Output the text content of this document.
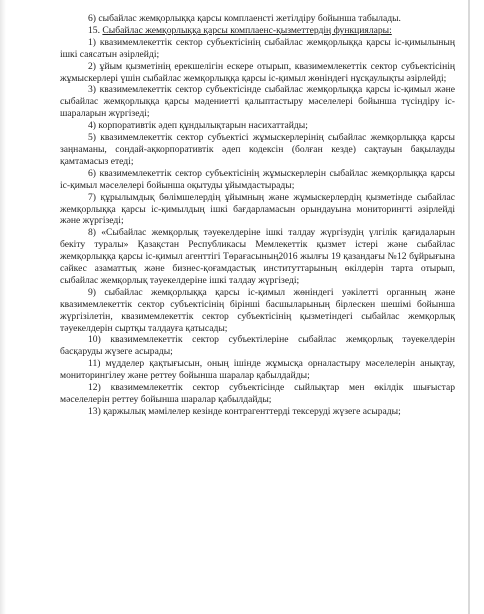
6) сыбайлас жемқорлыққа қарсы комплаенсті жетілдіру бойынша табылады.

15. Сыбайлас жемқорлыққа қарсы комплаенс-қызметтердің функциялары:

1) квазимемлекеттік сектор субъектісінің сыбайлас жемқорлыққа қарсы іс-қимылының ішкі саясатын әзірлейді;

2) ұйым қызметінің ерекшелігін ескере отырып, квазимемлекеттік сектор субъектісінің жұмыскерлері үшін сыбайлас жемқорлыққа қарсы іс-қимыл жөніндегі нұсқаулықты әзірлейді;

3) квазимемлекеттік сектор субъектісінде сыбайлас жемқорлыққа қарсы іс-қимыл және сыбайлас жемқорлыққа қарсы мәдениетті қалыптастыру мәселелері бойынша түсіндіру іс-шараларын жүргізеді;

4) корпоративтік әдеп құндылықтарын насихаттайды;

5) квазимемлекеттік сектор субъектісі жұмыскерлерінің сыбайлас жемқорлыққа қарсы заңнаманы, сондай-ақкорпоративтік әдеп кодексін (болған кезде) сақтауын бақылауды қамтамасыз етеді;

6) квазимемлекеттік сектор субъектісінің жұмыскерлерін сыбайлас жемқорлыққа қарсы іс-қимыл мәселелері бойынша оқытуды ұйымдастырады;

7) құрылымдық бөлімшелердің ұйымның және жұмыскерлердің қызметінде сыбайлас жемқорлыққа қарсы іс-қимылдың ішкі бағдарламасын орындауына мониторингті әзірлейді және жүргізеді;

8) «Сыбайлас жемқорлық тәуекелдеріне ішкі талдау жүргізудің үлгілік қағидаларын бекіту туралы» Қазақстан Республикасы Мемлекеттік қызмет істері және сыбайлас жемқорлыққа қарсы іс-қимыл агенттігі Төрағасының2016 жылғы 19 қазандағы №12 бұйрығына сәйкес азаматтық және бизнес-қоғамдастық институттарының өкілдерін тарта отырып, сыбайлас жемқорлық тәуекелдеріне ішкі талдау жүргізеді;

9) сыбайлас жемқорлыққа қарсы іс-қимыл жөніндегі уәкілетті органның және квазимемлекеттік сектор субъектісінің бірінші басшыларының бірлескен шешімі бойынша жүргізілетін, квазимемлекеттік сектор субъектісінің қызметіндегі сыбайлас жемқорлық тәуекелдерін сыртқы талдауға қатысады;

10) квазимемлекеттік сектор субъектілеріне сыбайлас жемқорлық тәуекелдерін басқаруды жүзеге асырады;

11) мүдделер қақтығысын, оның ішінде жұмысқа орналастыру мәселелерін анықтау, мониторингілеу және реттеу бойынша шаралар қабылдайды;

12) квазимемлекеттік сектор субъектісінде сыйлықтар мен өкілдік шығыстар мәселелерін реттеу бойынша шаралар қабылдайды;

13) қаржылық мәмілелер кезінде контрагенттерді тексеруді жүзеге асырады;
